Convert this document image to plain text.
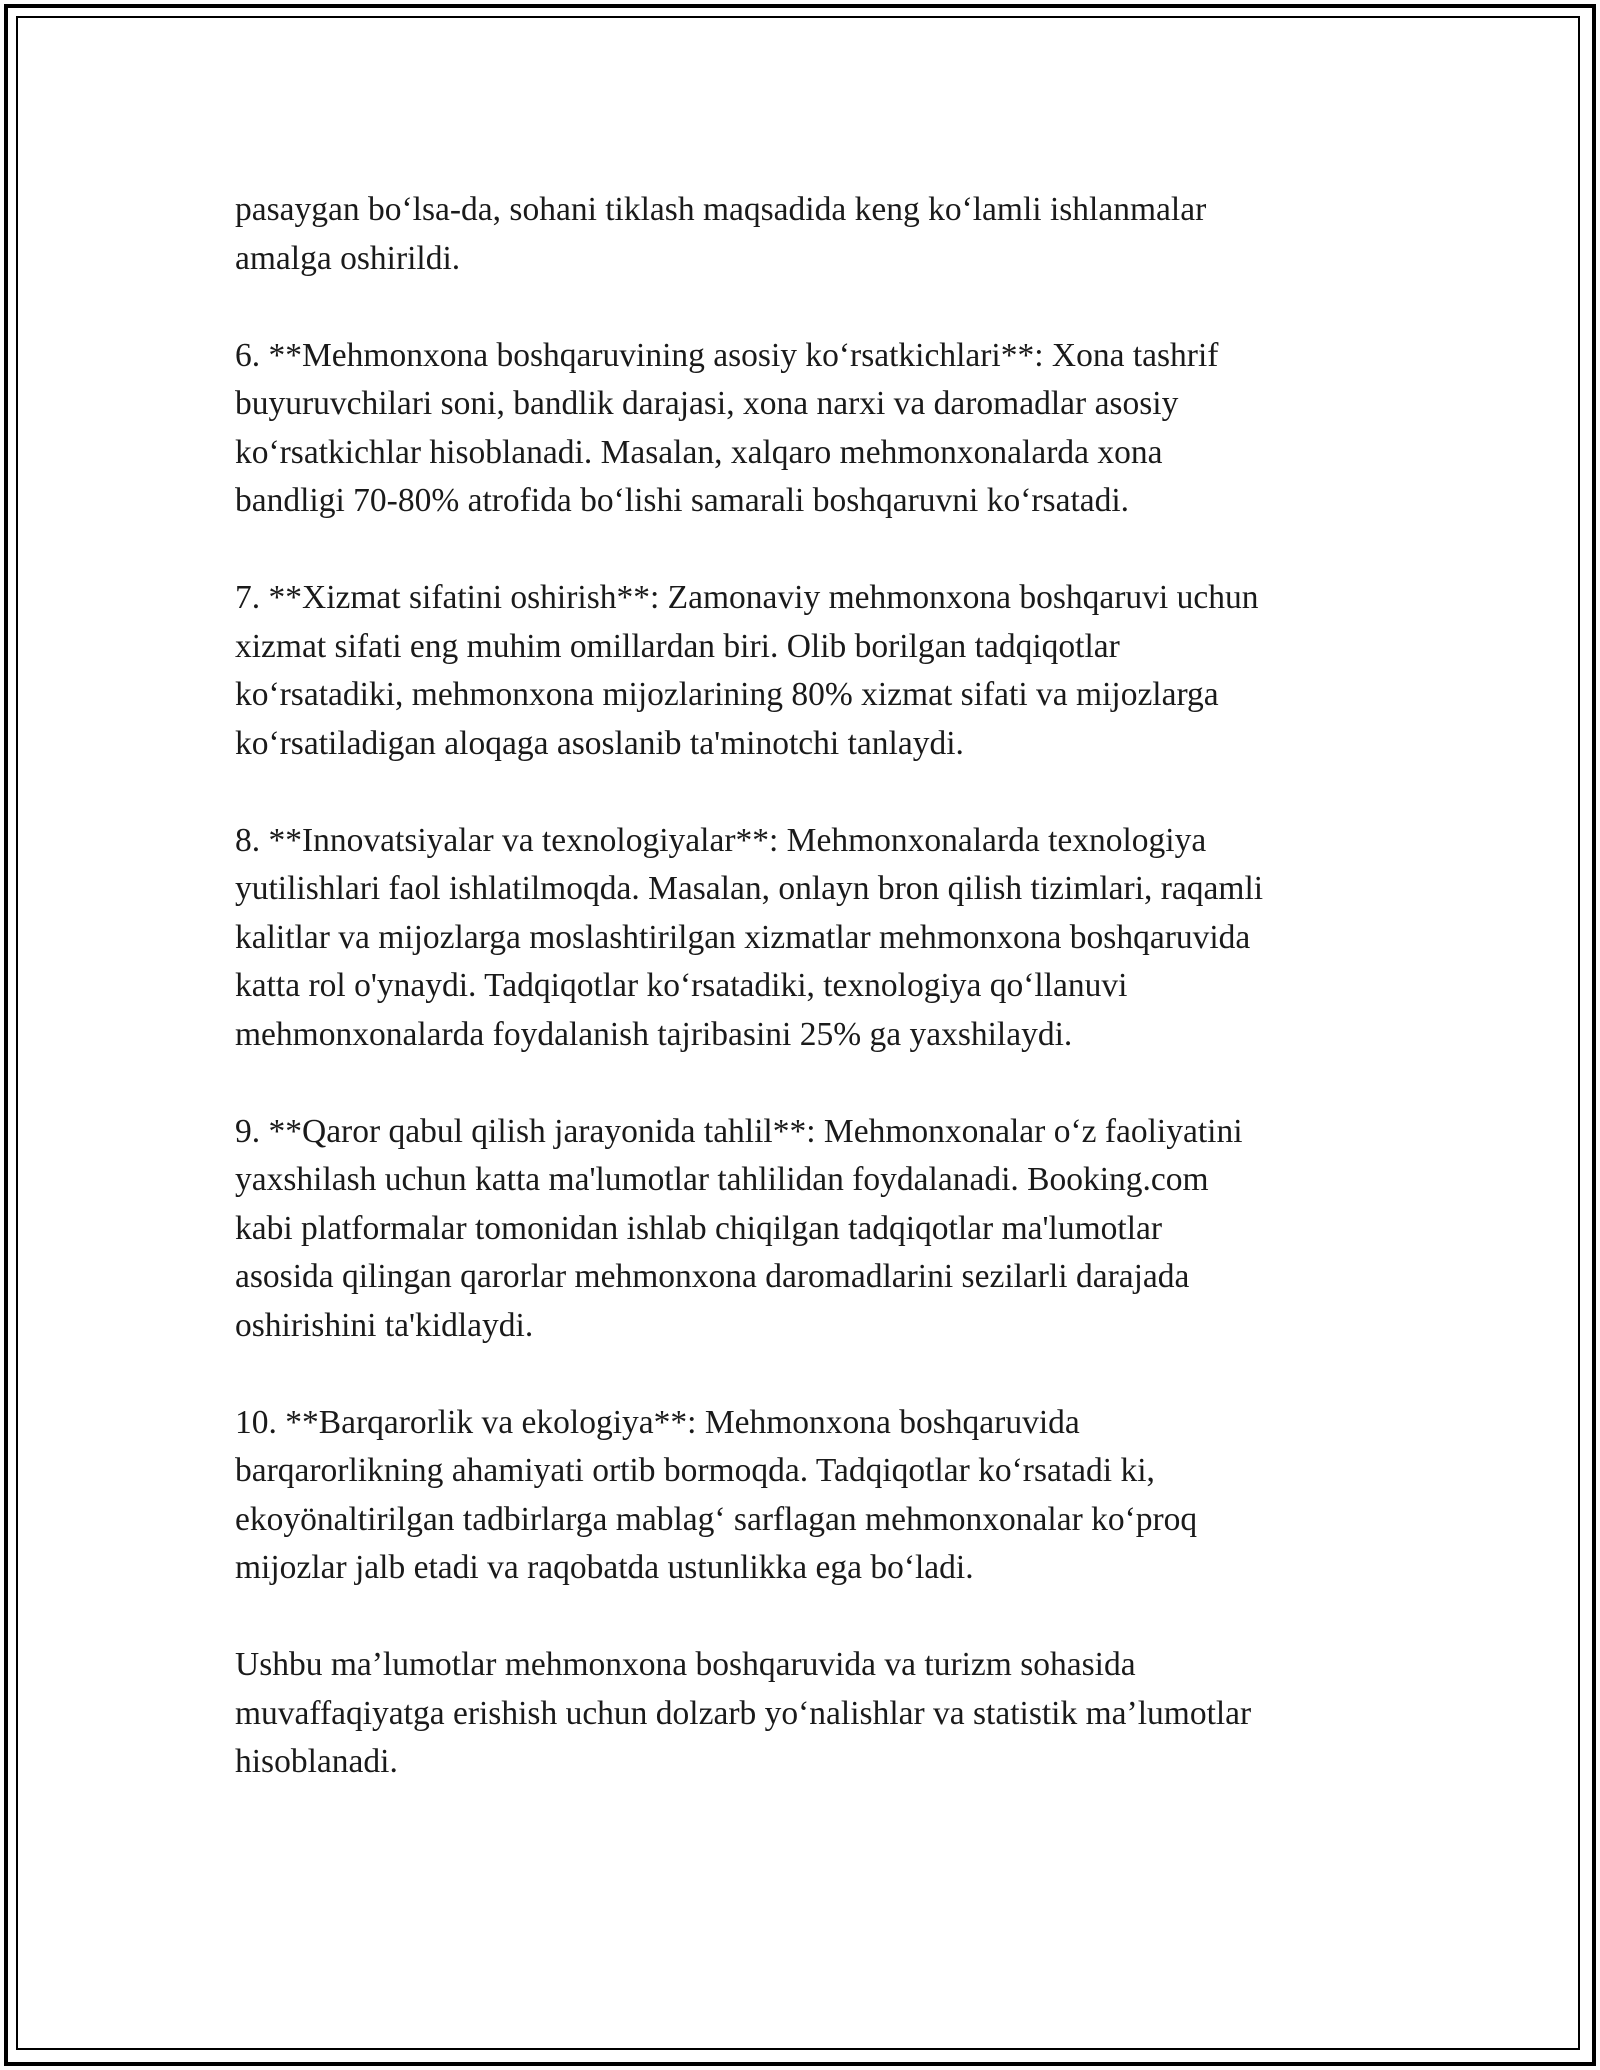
pasaygan bo‘lsa-da, sohani tiklash maqsadida keng ko‘lamli ishlanmalar
amalga oshirildi.

6. **Mehmonxona boshqaruvining asosiy ko‘rsatkichlari**: Xona tashrif
buyuruvchilari soni, bandlik darajasi, xona narxi va daromadlar asosiy
ko‘rsatkichlar hisoblanadi. Masalan, xalqaro mehmonxonalarda xona
bandligi 70-80% atrofida bo‘lishi samarali boshqaruvni ko‘rsatadi.

7. **Xizmat sifatini oshirish**: Zamonaviy mehmonxona boshqaruvi uchun
xizmat sifati eng muhim omillardan biri. Olib borilgan tadqiqotlar
ko‘rsatadiki, mehmonxona mijozlarining 80% xizmat sifati va mijozlarga
ko‘rsatiladigan aloqaga asoslanib ta'minotchi tanlaydi.

8. **Innovatsiyalar va texnologiyalar**: Mehmonxonalarda texnologiya
yutilishlari faol ishlatilmoqda. Masalan, onlayn bron qilish tizimlari, raqamli
kalitlar va mijozlarga moslashtirilgan xizmatlar mehmonxona boshqaruvida
katta rol o'ynaydi. Tadqiqotlar ko‘rsatadiki, texnologiya qo‘llanuvi
mehmonxonalarda foydalanish tajribasini 25% ga yaxshilaydi.

9. **Qaror qabul qilish jarayonida tahlil**: Mehmonxonalar o‘z faoliyatini
yaxshilash uchun katta ma'lumotlar tahlilidan foydalanadi. Booking.com
kabi platformalar tomonidan ishlab chiqilgan tadqiqotlar ma'lumotlar
asosida qilingan qarorlar mehmonxona daromadlarini sezilarli darajada
oshirishini ta'kidlaydi.

10. **Barqarorlik va ekologiya**: Mehmonxona boshqaruvida
barqarorlikning ahamiyati ortib bormoqda. Tadqiqotlar ko‘rsatadi ki,
ekoyönaltirilgan tadbirlarga mablag‘ sarflagan mehmonxonalar ko‘proq
mijozlar jalb etadi va raqobatda ustunlikka ega bo‘ladi.

Ushbu ma’lumotlar mehmonxona boshqaruvida va turizm sohasida
muvaffaqiyatga erishish uchun dolzarb yo‘nalishlar va statistik ma’lumotlar
hisoblanadi.
